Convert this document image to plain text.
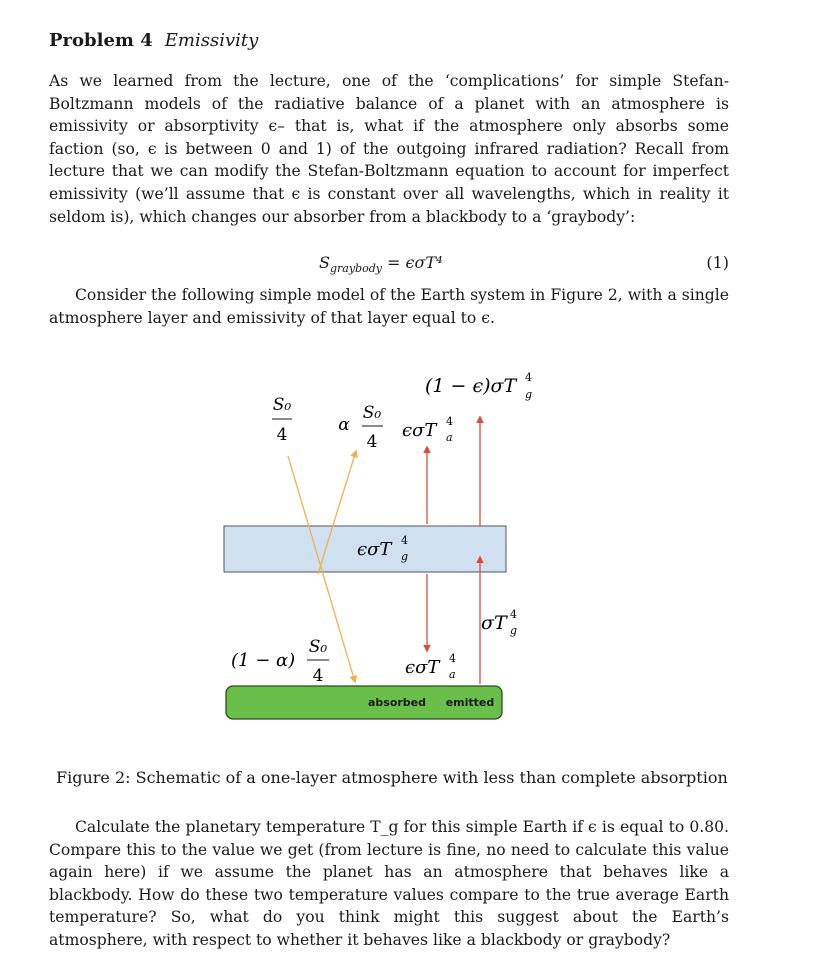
Problem 4 Emissivity
As we learned from the lecture, one of the ‘complications’ for simple Stefan-Boltzmann models of the radiative balance of a planet with an atmosphere is emissivity or absorptivity ϵ– that is, what if the atmosphere only absorbs some faction (so, ϵ is between 0 and 1) of the outgoing infrared radiation? Recall from lecture that we can modify the Stefan-Boltzmann equation to account for imperfect emissivity (we’ll assume that ϵ is constant over all wavelengths, which in reality it seldom is), which changes our absorber from a blackbody to a ‘graybody’:
$S_{graybody} = \epsilon\sigma T^4$	(1)
Consider the following simple model of the Earth system in Figure 2, with a single atmosphere layer and emissivity of that layer equal to ϵ.
S₀
4	α
S₀
4
(1 − ϵ)σT 4
g
ϵσT 4
a
ϵσT 4
g
σT 4
g
(1 − α)
S₀
4	ϵσT 4
a
absorbed emitted
Figure 2: Schematic of a one-layer atmosphere with less than complete absorption
Calculate the planetary temperature T_g for this simple Earth if ϵ is equal to 0.80. Compare this to the value we get (from lecture is fine, no need to calculate this value again here) if we assume the planet has an atmosphere that behaves like a blackbody. How do these two temperature values compare to the true average Earth temperature? So, what do you think might this suggest about the Earth’s atmosphere, with respect to whether it behaves like a blackbody or graybody?
